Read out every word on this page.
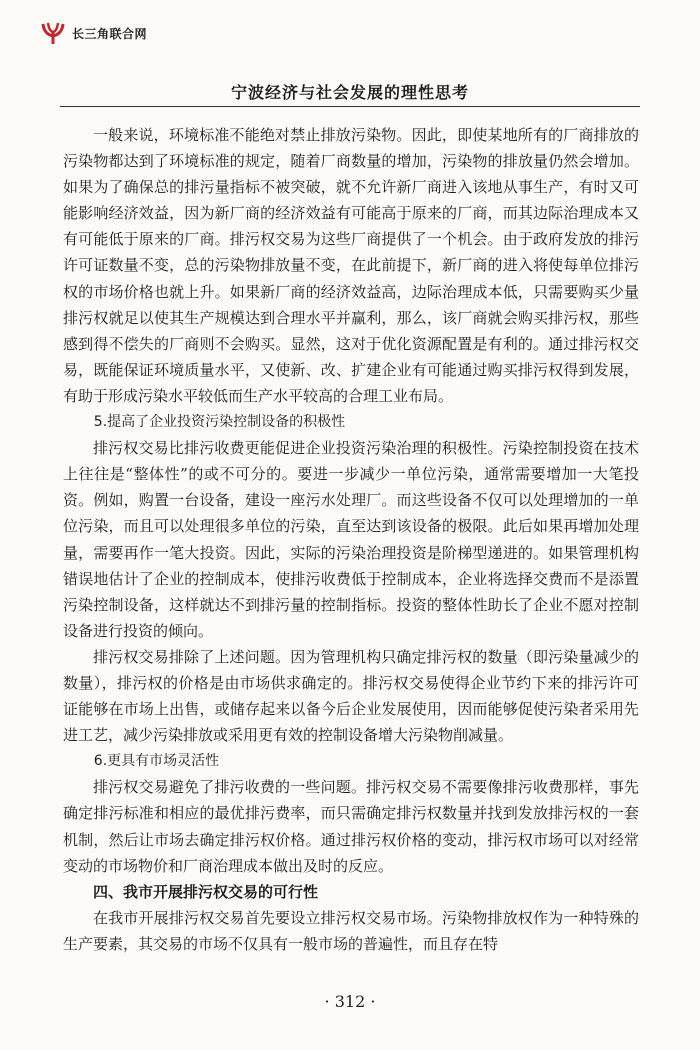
长三角联合网
宁波经济与社会发展的理性思考

一般来说，环境标准不能绝对禁止排放污染物。因此，即使某地所有的厂商排放的污染物都达到了环境标准的规定，随着厂商数量的增加，污染物的排放量仍然会增加。如果为了确保总的排污量指标不被突破，就不允许新厂商进入该地从事生产，有时又可能影响经济效益，因为新厂商的经济效益有可能高于原来的厂商，而其边际治理成本又有可能低于原来的厂商。排污权交易为这些厂商提供了一个机会。由于政府发放的排污许可证数量不变，总的污染物排放量不变，在此前提下，新厂商的进入将使每单位排污权的市场价格也就上升。如果新厂商的经济效益高，边际治理成本低，只需要购买少量排污权就足以使其生产规模达到合理水平并赢利，那么，该厂商就会购买排污权，那些感到得不偿失的厂商则不会购买。显然，这对于优化资源配置是有利的。通过排污权交易，既能保证环境质量水平，又使新、改、扩建企业有可能通过购买排污权得到发展，有助于形成污染水平较低而生产水平较高的合理工业布局。

5.提高了企业投资污染控制设备的积极性

排污权交易比排污收费更能促进企业投资污染治理的积极性。污染控制投资在技术上往往是“整体性”的或不可分的。要进一步减少一单位污染，通常需要增加一大笔投资。例如，购置一台设备，建设一座污水处理厂。而这些设备不仅可以处理增加的一单位污染，而且可以处理很多单位的污染，直至达到该设备的极限。此后如果再增加处理量，需要再作一笔大投资。因此，实际的污染治理投资是阶梯型递进的。如果管理机构错误地估计了企业的控制成本，使排污收费低于控制成本，企业将选择交费而不是添置污染控制设备，这样就达不到排污量的控制指标。投资的整体性助长了企业不愿对控制设备进行投资的倾向。

排污权交易排除了上述问题。因为管理机构只确定排污权的数量（即污染量减少的数量），排污权的价格是由市场供求确定的。排污权交易使得企业节约下来的排污许可证能够在市场上出售，或储存起来以备今后企业发展使用，因而能够促使污染者采用先进工艺，减少污染排放或采用更有效的控制设备增大污染物削减量。

6.更具有市场灵活性

排污权交易避免了排污收费的一些问题。排污权交易不需要像排污收费那样，事先确定排污标准和相应的最优排污费率，而只需确定排污权数量并找到发放排污权的一套机制，然后让市场去确定排污权价格。通过排污权价格的变动，排污权市场可以对经常变动的市场物价和厂商治理成本做出及时的反应。

四、我市开展排污权交易的可行性

在我市开展排污权交易首先要设立排污权交易市场。污染物排放权作为一种特殊的生产要素，其交易的市场不仅具有一般市场的普遍性，而且存在特

· 312 ·
